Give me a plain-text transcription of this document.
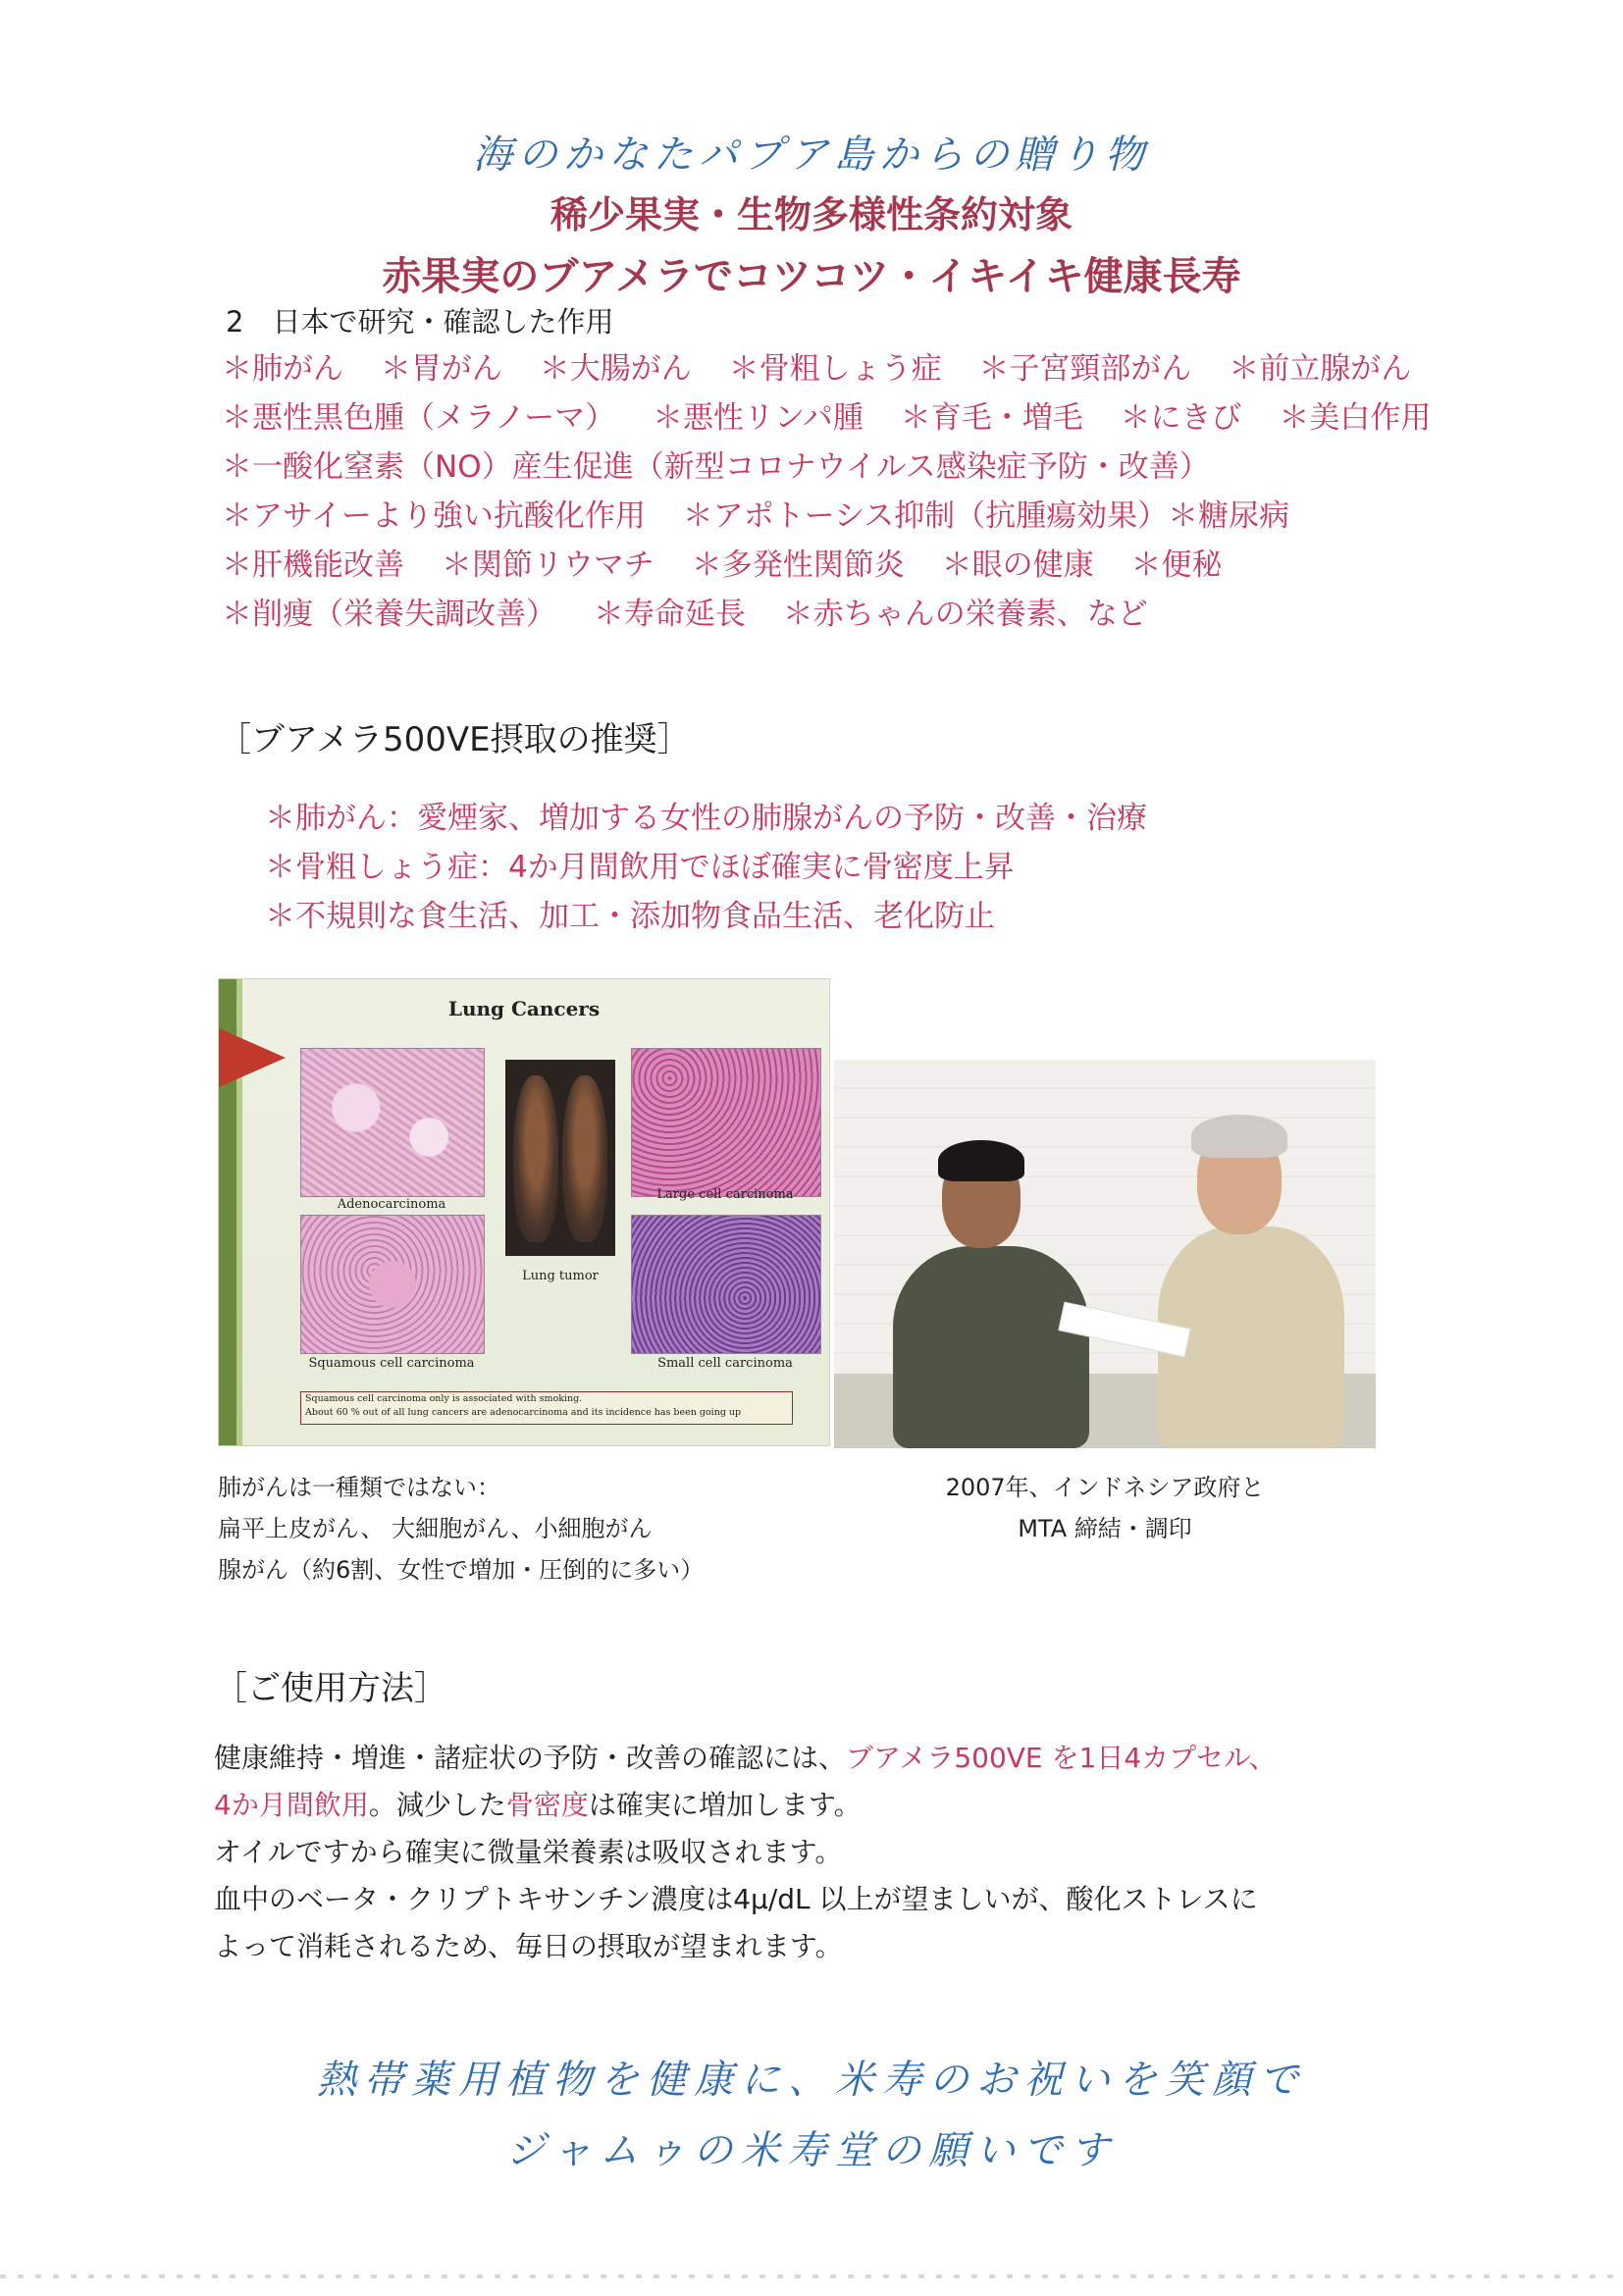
海のかなたパプア島からの贈り物
稀少果実・生物多様性条約対象
赤果実のブアメラでコツコツ・イキイキ健康長寿
2　日本で研究・確認した作用
＊肺がん ＊胃がん ＊大腸がん ＊骨粗しょう症 ＊子宮頸部がん ＊前立腺がん
＊悪性黒色腫（メラノーマ） ＊悪性リンパ腫 ＊育毛・増毛 ＊にきび ＊美白作用
＊一酸化窒素（NO）産生促進（新型コロナウイルス感染症予防・改善）
＊アサイーより強い抗酸化作用 ＊アポトーシス抑制（抗腫瘍効果）＊糖尿病
＊肝機能改善 ＊関節リウマチ ＊多発性関節炎 ＊眼の健康 ＊便秘
＊削痩（栄養失調改善） ＊寿命延長 ＊赤ちゃんの栄養素、など
［ブアメラ500VE摂取の推奨］
＊肺がん：愛煙家、増加する女性の肺腺がんの予防・改善・治療
＊骨粗しょう症：4か月間飲用でほぼ確実に骨密度上昇
＊不規則な食生活、加工・添加物食品生活、老化防止
Lung Cancers
Adenocarcinoma
Lung tumor
Large cell carcinoma
Squamous cell carcinoma	Small cell carcinoma
Squamous cell carcinoma only is associated with smoking.
About 60 % out of all lung cancers are adenocarcinoma and its incidence has been going up
肺がんは一種類ではない：
扁平上皮がん、 大細胞がん、小細胞がん
腺がん（約6割、女性で増加・圧倒的に多い）
2007年、インドネシア政府と
MTA 締結・調印
［ご使用方法］
健康維持・増進・諸症状の予防・改善の確認には、ブアメラ500VE を1日4カプセル、
4か月間飲用。減少した骨密度は確実に増加します。
オイルですから確実に微量栄養素は吸収されます。
血中のベータ・クリプトキサンチン濃度は4μ/dL 以上が望ましいが、酸化ストレスに
よって消耗されるため、毎日の摂取が望まれます。
熱帯薬用植物を健康に、米寿のお祝いを笑顔で
ジャムゥの米寿堂の願いです
